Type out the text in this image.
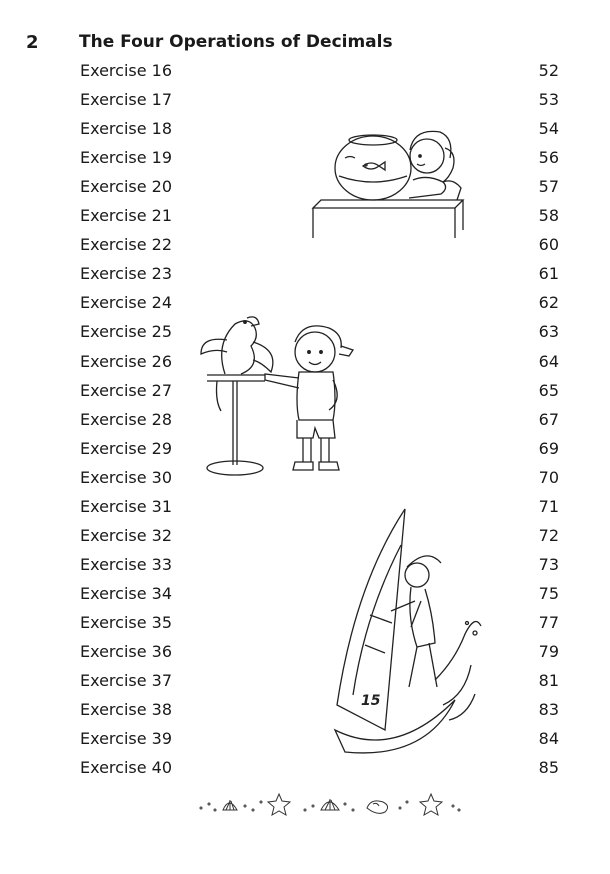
2 The Four Operations of Decimals
Exercise 16	52
Exercise 17	53
Exercise 18	54
Exercise 19	56
Exercise 20	57
Exercise 21	58
Exercise 22	60
Exercise 23	61
Exercise 24	62
Exercise 25	63
Exercise 26	64
Exercise 27	65
Exercise 28	67
Exercise 29	69
Exercise 30	70
Exercise 31	71
Exercise 32	72
Exercise 33	73
Exercise 34	75
Exercise 35	77
Exercise 36	79
Exercise 37	81
Exercise 38	83
Exercise 39	84
Exercise 40	85
15
